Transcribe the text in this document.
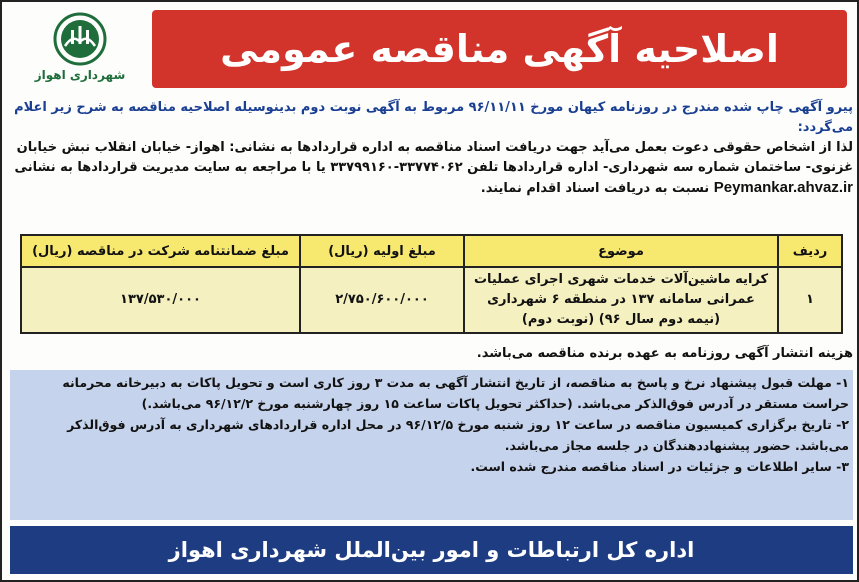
شهرداری اهواز
اصلاحیه آگهی مناقصه عمومی

پیرو آگهی چاپ شده مندرج در روزنامه کیهان مورخ ۹۶/۱۱/۱۱ مربوط به آگهی نوبت دوم بدینوسیله اصلاحیه مناقصه به شرح زیر اعلام می‌گردد:

لذا از اشخاص حقوقی دعوت بعمل می‌آید جهت دریافت اسناد مناقصه به اداره قراردادها به نشانی: اهواز- خیابان انقلاب نبش خیابان غزنوی- ساختمان شماره سه شهرداری- اداره قراردادها تلفن ۳۳۷۷۴۰۶۲-۳۳۷۹۹۱۶۰ یا با مراجعه به سایت مدیریت قراردادها به نشانی Peymankar.ahvaz.ir نسبت به دریافت اسناد اقدام نمایند.

ردیف	موضوع	مبلغ اولیه (ریال)	مبلغ ضمانتنامه شرکت در مناقصه (ریال)
۱	کرایه ماشین‌آلات خدمات شهری اجرای عملیات عمرانی سامانه ۱۳۷ در منطقه ۶ شهرداری (نیمه دوم سال ۹۶) (نوبت دوم)	۲/۷۵۰/۶۰۰/۰۰۰	۱۳۷/۵۳۰/۰۰۰
هزینه انتشار آگهی روزنامه به عهده برنده مناقصه می‌باشد.

۱- مهلت قبول پیشنهاد نرخ و پاسخ به مناقصه، از تاریخ انتشار آگهی به مدت ۳ روز کاری است و تحویل پاکات به دبیرخانه محرمانه حراست مستقر در آدرس فوق‌الذکر می‌باشد. (حداکثر تحویل پاکات ساعت ۱۵ روز چهارشنبه مورخ ۹۶/۱۲/۲ می‌باشد.)

۲- تاریخ برگزاری کمیسیون مناقصه در ساعت ۱۲ روز شنبه مورخ ۹۶/۱۲/۵ در محل اداره قراردادهای شهرداری به آدرس فوق‌الذکر می‌باشد. حضور پیشنهاددهندگان در جلسه مجاز می‌باشد.

۳- سایر اطلاعات و جزئیات در اسناد مناقصه مندرج شده است.

اداره کل ارتباطات و امور بین‌الملل شهرداری اهواز
